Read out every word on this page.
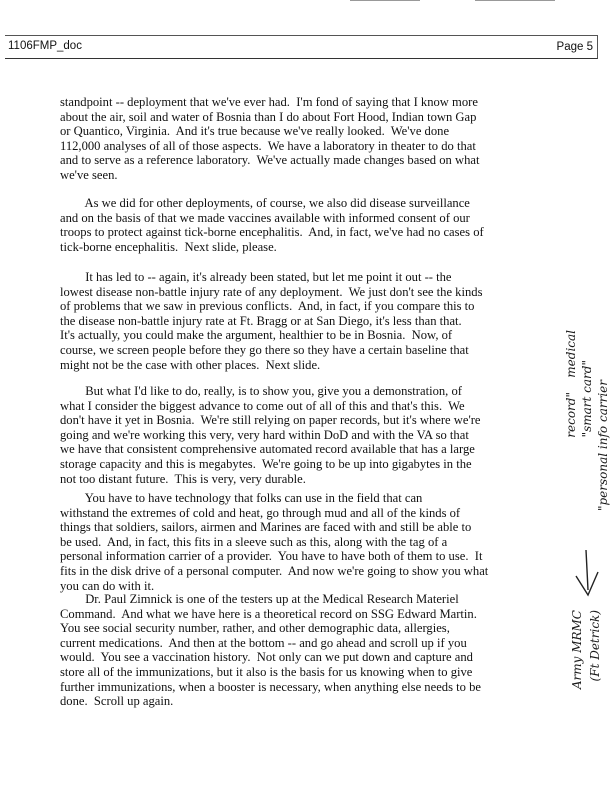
1106FMP_doc	Page 5
standpoint -- deployment that we've ever had.  I'm fond of saying that I know more
about the air, soil and water of Bosnia than I do about Fort Hood, Indian town Gap
or Quantico, Virginia.  And it's true because we've really looked.  We've done
112,000 analyses of all of those aspects.  We have a laboratory in theater to do that
and to serve as a reference laboratory.  We've actually made changes based on what
we've seen.
As we did for other deployments, of course, we also did disease surveillance
and on the basis of that we made vaccines available with informed consent of our
troops to protect against tick-borne encephalitis.  And, in fact, we've had no cases of
tick-borne encephalitis.  Next slide, please.
It has led to -- again, it's already been stated, but let me point it out -- the
lowest disease non-battle injury rate of any deployment.  We just don't see the kinds
of problems that we saw in previous conflicts.  And, in fact, if you compare this to
the disease non-battle injury rate at Ft. Bragg or at San Diego, it's less than that.
It's actually, you could make the argument, healthier to be in Bosnia.  Now, of
course, we screen people before they go there so they have a certain baseline that
might not be the case with other places.  Next slide.
But what I'd like to do, really, is to show you, give you a demonstration, of
what I consider the biggest advance to come out of all of this and that's this.  We
don't have it yet in Bosnia.  We're still relying on paper records, but it's where we're
going and we're working this very, very hard within DoD and with the VA so that
we have that consistent comprehensive automated record available that has a large
storage capacity and this is megabytes.  We're going to be up into gigabytes in the
not too distant future.  This is very, very durable.
You have to have technology that folks can use in the field that can
withstand the extremes of cold and heat, go through mud and all of the kinds of
things that soldiers, sailors, airmen and Marines are faced with and still be able to
be used.  And, in fact, this fits in a sleeve such as this, along with the tag of a
personal information carrier of a provider.  You have to have both of them to use.  It
fits in the disk drive of a personal computer.  And now we're going to show you what
you can do with it.
Dr. Paul Zimnick is one of the testers up at the Medical Research Materiel
Command.  And what we have here is a theoretical record on SSG Edward Martin.
You see social security number, rather, and other demographic data, allergies,
current medications.  And then at the bottom -- and go ahead and scroll up if you
would.  You see a vaccination history.  Not only can we put down and capture and
store all of the immunizations, but it also is the basis for us knowing when to give
further immunizations, when a booster is necessary, when anything else needs to be
done.  Scroll up again.
medical
record" "smart card" "personal info carrier
Army MRMC (Ft Detrick)
